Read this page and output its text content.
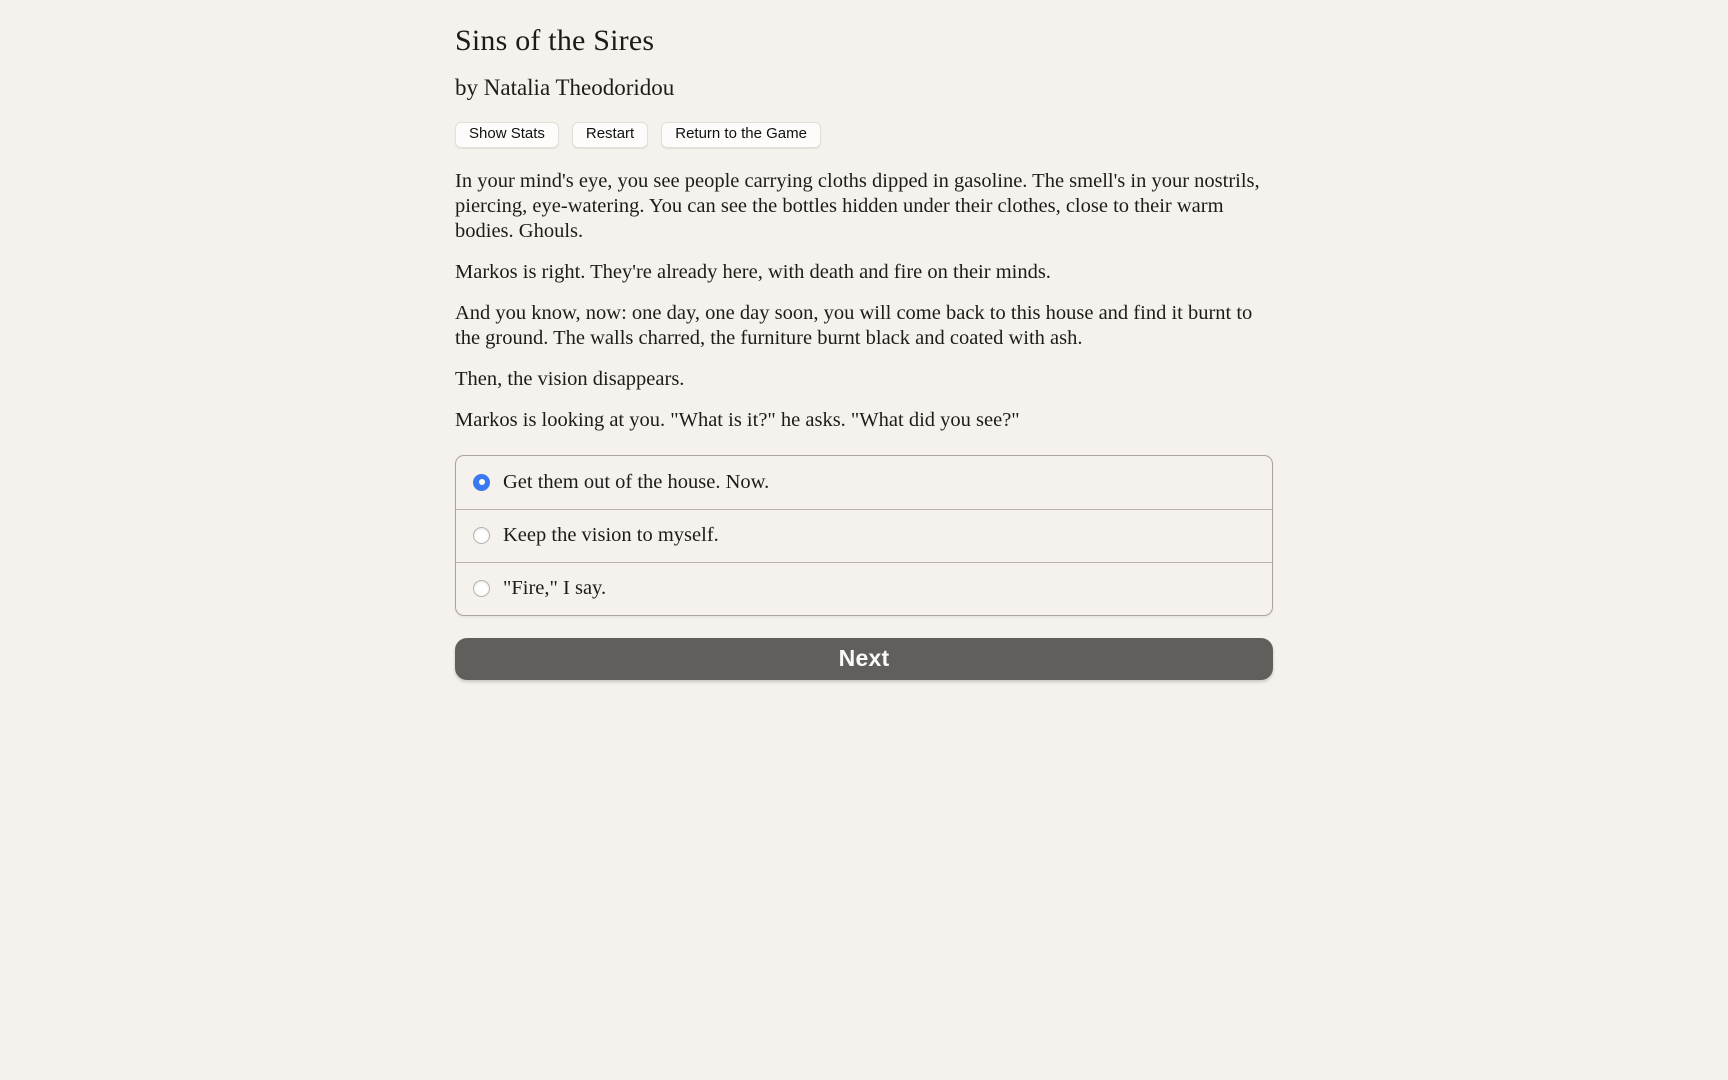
Sins of the Sires
by Natalia Theodoridou
Show Stats	Restart	Return to the Game

In your mind's eye, you see people carrying cloths dipped in gasoline. The smell's in your nostrils, piercing, eye-watering. You can see the bottles hidden under their clothes, close to their warm bodies. Ghouls.

Markos is right. They're already here, with death and fire on their minds.

And you know, now: one day, one day soon, you will come back to this house and find it burnt to the ground. The walls charred, the furniture burnt black and coated with ash.

Then, the vision disappears.

Markos is looking at you. "What is it?" he asks. "What did you see?"

Get them out of the house. Now.
Keep the vision to myself.
"Fire," I say.
Next
